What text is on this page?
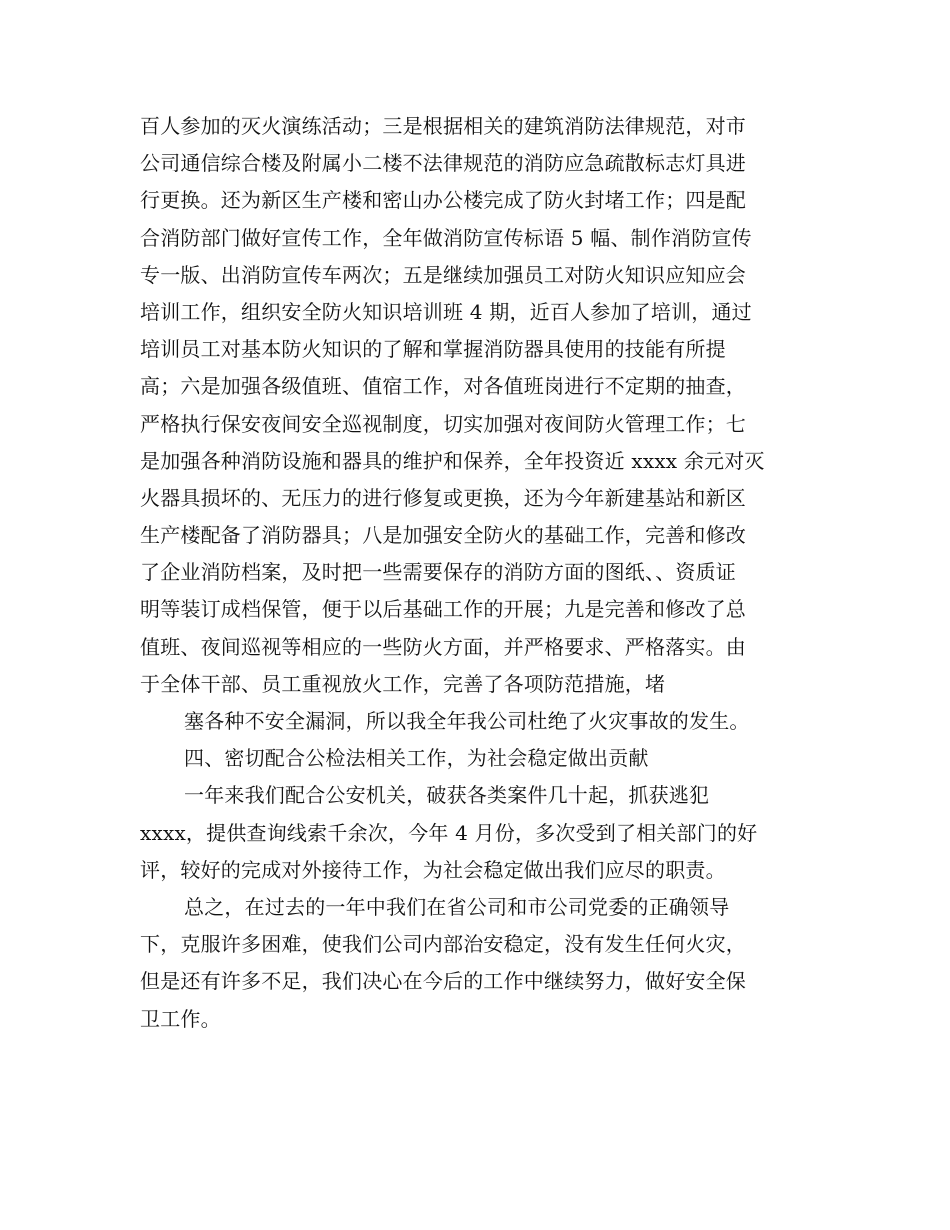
百人参加的灭火演练活动；三是根据相关的建筑消防法律规范，对市
公司通信综合楼及附属小二楼不法律规范的消防应急疏散标志灯具进
行更换。还为新区生产楼和密山办公楼完成了防火封堵工作；四是配
合消防部门做好宣传工作，全年做消防宣传标语 5 幅、制作消防宣传
专一版、出消防宣传车两次；五是继续加强员工对防火知识应知应会
培训工作，组织安全防火知识培训班 4 期，近百人参加了培训，通过
培训员工对基本防火知识的了解和掌握消防器具使用的技能有所提
高；六是加强各级值班、值宿工作，对各值班岗进行不定期的抽查，
严格执行保安夜间安全巡视制度，切实加强对夜间防火管理工作；七
是加强各种消防设施和器具的维护和保养，全年投资近 xxxx 余元对灭
火器具损坏的、无压力的进行修复或更换，还为今年新建基站和新区
生产楼配备了消防器具；八是加强安全防火的基础工作，完善和修改
了企业消防档案，及时把一些需要保存的消防方面的图纸、、资质证
明等装订成档保管，便于以后基础工作的开展；九是完善和修改了总
值班、夜间巡视等相应的一些防火方面，并严格要求、严格落实。由
于全体干部、员工重视放火工作，完善了各项防范措施，堵
塞各种不安全漏洞，所以我全年我公司杜绝了火灾事故的发生。
四、密切配合公检法相关工作，为社会稳定做出贡献
一年来我们配合公安机关，破获各类案件几十起，抓获逃犯
xxxx，提供查询线索千余次，今年 4 月份，多次受到了相关部门的好
评，较好的完成对外接待工作，为社会稳定做出我们应尽的职责。
总之，在过去的一年中我们在省公司和市公司党委的正确领导
下，克服许多困难，使我们公司内部治安稳定，没有发生任何火灾，
但是还有许多不足，我们决心在今后的工作中继续努力，做好安全保
卫工作。
